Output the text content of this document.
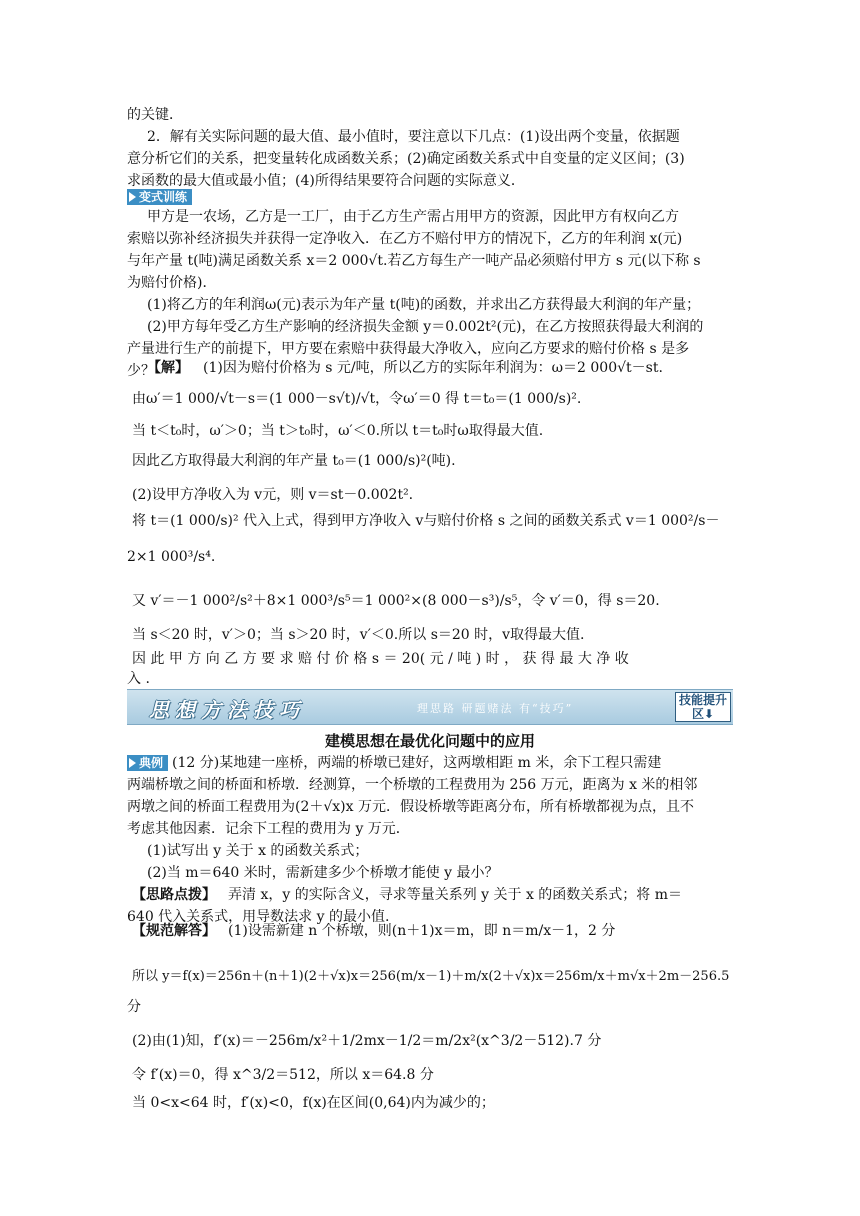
的关键．
2．解有关实际问题的最大值、最小值时，要注意以下几点：(1)设出两个变量，依据题
意分析它们的关系，把变量转化成函数关系；(2)确定函数关系式中自变量的定义区间；(3)
求函数的最大值或最小值；(4)所得结果要符合问题的实际意义．
变式训练
甲方是一农场，乙方是一工厂，由于乙方生产需占用甲方的资源，因此甲方有权向乙方
索赔以弥补经济损失并获得一定净收入．在乙方不赔付甲方的情况下，乙方的年利润 x(元)
与年产量 t(吨)满足函数关系 x＝2 000√t.若乙方每生产一吨产品必须赔付甲方 s 元(以下称 s
为赔付价格)．
(1)将乙方的年利润ω(元)表示为年产量 t(吨)的函数，并求出乙方获得最大利润的年产量；
(2)甲方每年受乙方生产影响的经济损失金额 y＝0.002t²(元)，在乙方按照获得最大利润的
产量进行生产的前提下，甲方要在索赔中获得最大净收入，应向乙方要求的赔付价格 s 是多
少？
【解】 (1)因为赔付价格为 s 元/吨，所以乙方的实际年利润为：ω＝2 000√t－st.
由ω′＝1 000/√t－s＝(1 000－s√t)/√t，令ω′＝0 得 t＝t₀＝(1 000/s)².
当 t＜t₀时，ω′＞0；当 t＞t₀时，ω′＜0.所以 t＝t₀时ω取得最大值.
因此乙方取得最大利润的年产量 t₀＝(1 000/s)²(吨).
(2)设甲方净收入为 v元，则 v＝st－0.002t².
将 t＝(1 000/s)² 代入上式，得到甲方净收入 v与赔付价格 s 之间的函数关系式 v＝1 000²/s－
2×1 000³/s⁴.
又 v′＝－1 000²/s²＋8×1 000³/s⁵＝1 000²×(8 000－s³)/s⁵，令 v′＝0，得 s＝20.
当 s＜20 时，v′＞0；当 s＞20 时，v′＜0.所以 s＝20 时，v取得最大值.
因 此 甲 方 向 乙 方 要 求 赔 付 价 格 s ＝ 20( 元 / 吨 ) 时 ， 获 得 最 大 净 收
入 .
思想方法技巧	理思路 研题赌法 有“技巧”
技能提升区⬇
建模思想在最优化问题中的应用
典例 (12 分)某地建一座桥，两端的桥墩已建好，这两墩相距 m 米，余下工程只需建
两端桥墩之间的桥面和桥墩．经测算，一个桥墩的工程费用为 256 万元，距离为 x 米的相邻
两墩之间的桥面工程费用为(2＋√x)x 万元．假设桥墩等距离分布，所有桥墩都视为点，且不
考虑其他因素．记余下工程的费用为 y 万元．
(1)试写出 y 关于 x 的函数关系式；
(2)当 m＝640 米时，需新建多少个桥墩才能使 y 最小？
【思路点拨】 弄清 x，y 的实际含义，寻求等量关系列 y 关于 x 的函数关系式；将 m＝
640 代入关系式，用导数法求 y 的最小值.
【规范解答】 (1)设需新建 n 个桥墩，则(n＋1)x＝m，即 n＝m/x－1，2 分
所以 y＝f(x)＝256n＋(n＋1)(2＋√x)x＝256(m/x－1)＋m/x(2＋√x)x＝256m/x＋m√x＋2m－256.5
分
(2)由(1)知，f′(x)＝－256m/x²＋1/2mx－1/2＝m/2x²(x^3/2－512).7 分
令 f′(x)＝0，得 x^3/2＝512，所以 x＝64.8 分
当 0<x<64 时，f′(x)<0，f(x)在区间(0,64)内为减少的；
